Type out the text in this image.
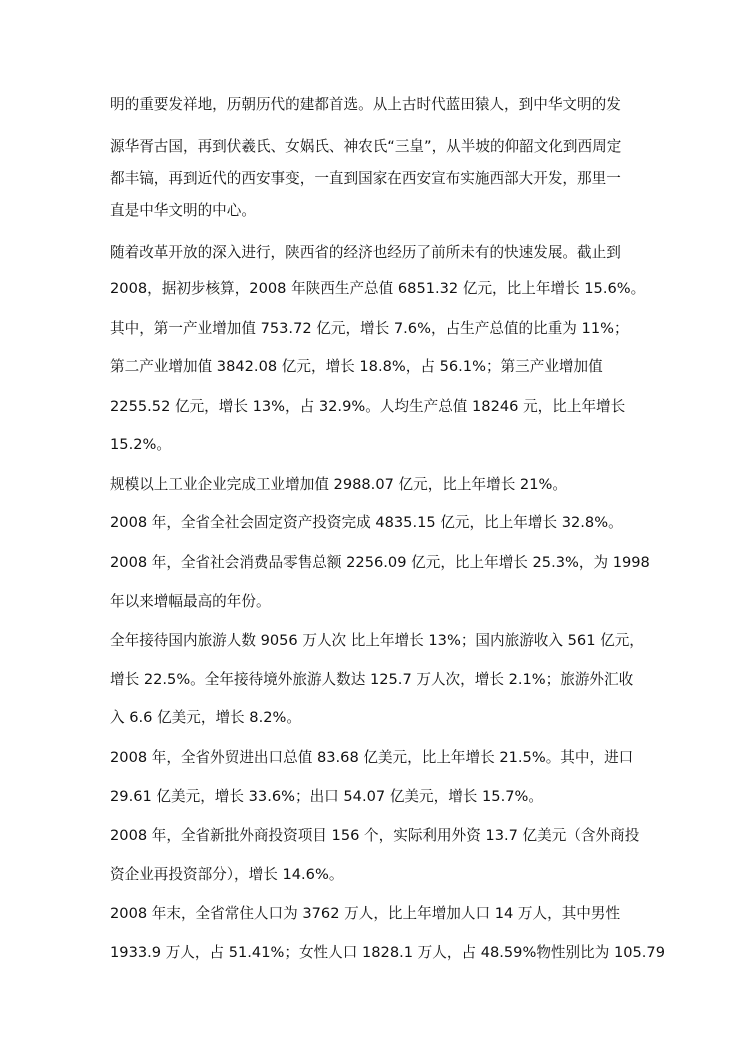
明的重要发祥地，历朝历代的建都首选。从上古时代蓝田猿人，到中华文明的发
源华胥古国，再到伏羲氏、女娲氏、神农氏“三皇”，从半坡的仰韶文化到西周定
都丰镐，再到近代的西安事变，一直到国家在西安宣布实施西部大开发，那里一
直是中华文明的中心。
随着改革开放的深入进行，陕西省的经济也经历了前所未有的快速发展。截止到
2008，据初步核算，2008 年陕西生产总值 6851.32 亿元，比上年增长 15.6%。
其中，第一产业增加值 753.72 亿元，增长 7.6%，占生产总值的比重为 11%；
第二产业增加值 3842.08 亿元，增长 18.8%，占 56.1%；第三产业增加值
2255.52 亿元，增长 13%，占 32.9%。人均生产总值 18246 元，比上年增长
15.2%。
规模以上工业企业完成工业增加值 2988.07 亿元，比上年增长 21%。
2008 年，全省全社会固定资产投资完成 4835.15 亿元，比上年增长 32.8%。
2008 年，全省社会消费品零售总额 2256.09 亿元，比上年增长 25.3%，为 1998
年以来增幅最高的年份。
全年接待国内旅游人数 9056 万人次 比上年增长 13%；国内旅游收入 561 亿元，
增长 22.5%。全年接待境外旅游人数达 125.7 万人次，增长 2.1%；旅游外汇收
入 6.6 亿美元，增长 8.2%。
2008 年，全省外贸进出口总值 83.68 亿美元，比上年增长 21.5%。其中，进口
29.61 亿美元，增长 33.6%；出口 54.07 亿美元，增长 15.7%。
2008 年，全省新批外商投资项目 156 个，实际利用外资 13.7 亿美元（含外商投
资企业再投资部分），增长 14.6%。
2008 年末，全省常住人口为 3762 万人，比上年增加人口 14 万人，其中男性
1933.9 万人，占 51.41%；女性人口 1828.1 万人，占 48.59%物性别比为 105.79
